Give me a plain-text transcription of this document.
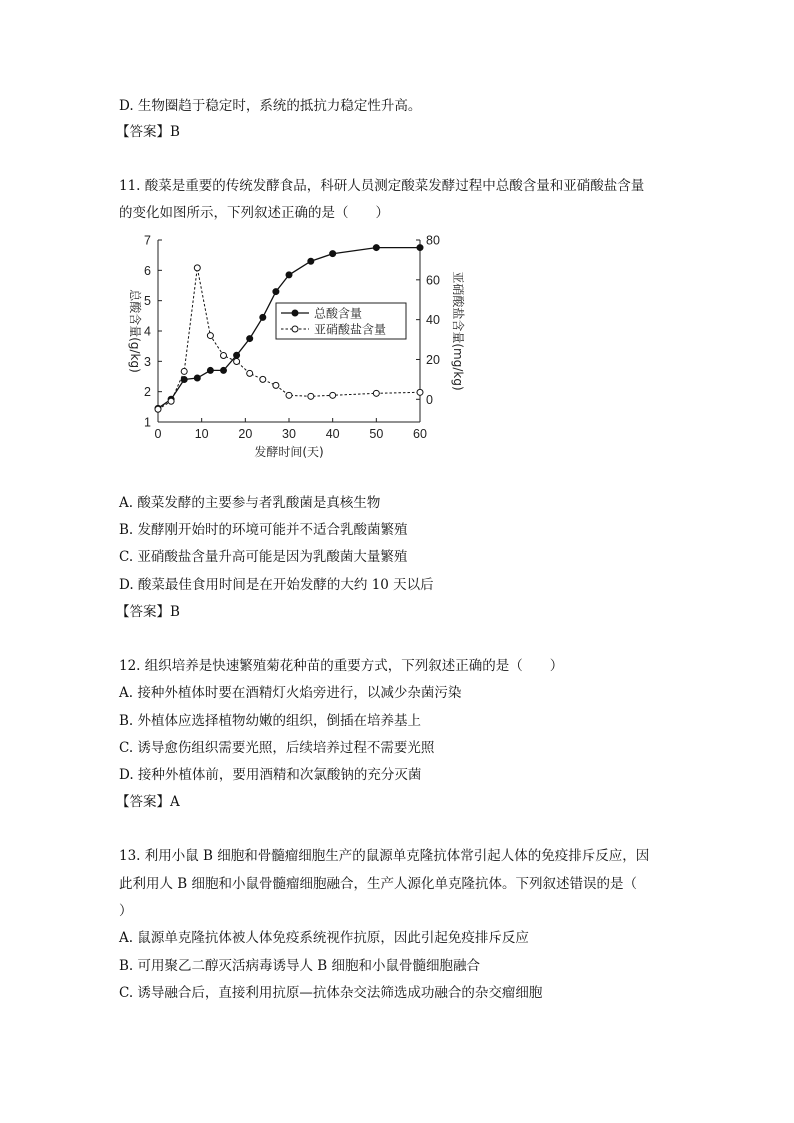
D. 生物圈趋于稳定时，系统的抵抗力稳定性升高。
【答案】B
11. 酸菜是重要的传统发酵食品，科研人员测定酸菜发酵过程中总酸含量和亚硝酸盐含量
的变化如图所示，下列叙述正确的是（　　）
0	10 20 30 40 50 60
1
2
3
4
5
6
7
0
20
40
60
80
发酵时间(天)
总酸含量(g/kg)	亚硝酸盐含量(mg/kg)
总酸含量
亚硝酸盐含量
A. 酸菜发酵的主要参与者乳酸菌是真核生物
B. 发酵刚开始时的环境可能并不适合乳酸菌繁殖
C. 亚硝酸盐含量升高可能是因为乳酸菌大量繁殖
D. 酸菜最佳食用时间是在开始发酵的大约 10 天以后
【答案】B
12. 组织培养是快速繁殖菊花种苗的重要方式，下列叙述正确的是（　　）
A. 接种外植体时要在酒精灯火焰旁进行，以减少杂菌污染
B. 外植体应选择植物幼嫩的组织，倒插在培养基上
C. 诱导愈伤组织需要光照，后续培养过程不需要光照
D. 接种外植体前，要用酒精和次氯酸钠的充分灭菌
【答案】A
13. 利用小鼠 B 细胞和骨髓瘤细胞生产的鼠源单克隆抗体常引起人体的免疫排斥反应，因
此利用人 B 细胞和小鼠骨髓瘤细胞融合，生产人源化单克隆抗体。下列叙述错误的是（
）
A. 鼠源单克隆抗体被人体免疫系统视作抗原，因此引起免疫排斥反应
B. 可用聚乙二醇灭活病毒诱导人 B 细胞和小鼠骨髓细胞融合
C. 诱导融合后，直接利用抗原—抗体杂交法筛选成功融合的杂交瘤细胞
